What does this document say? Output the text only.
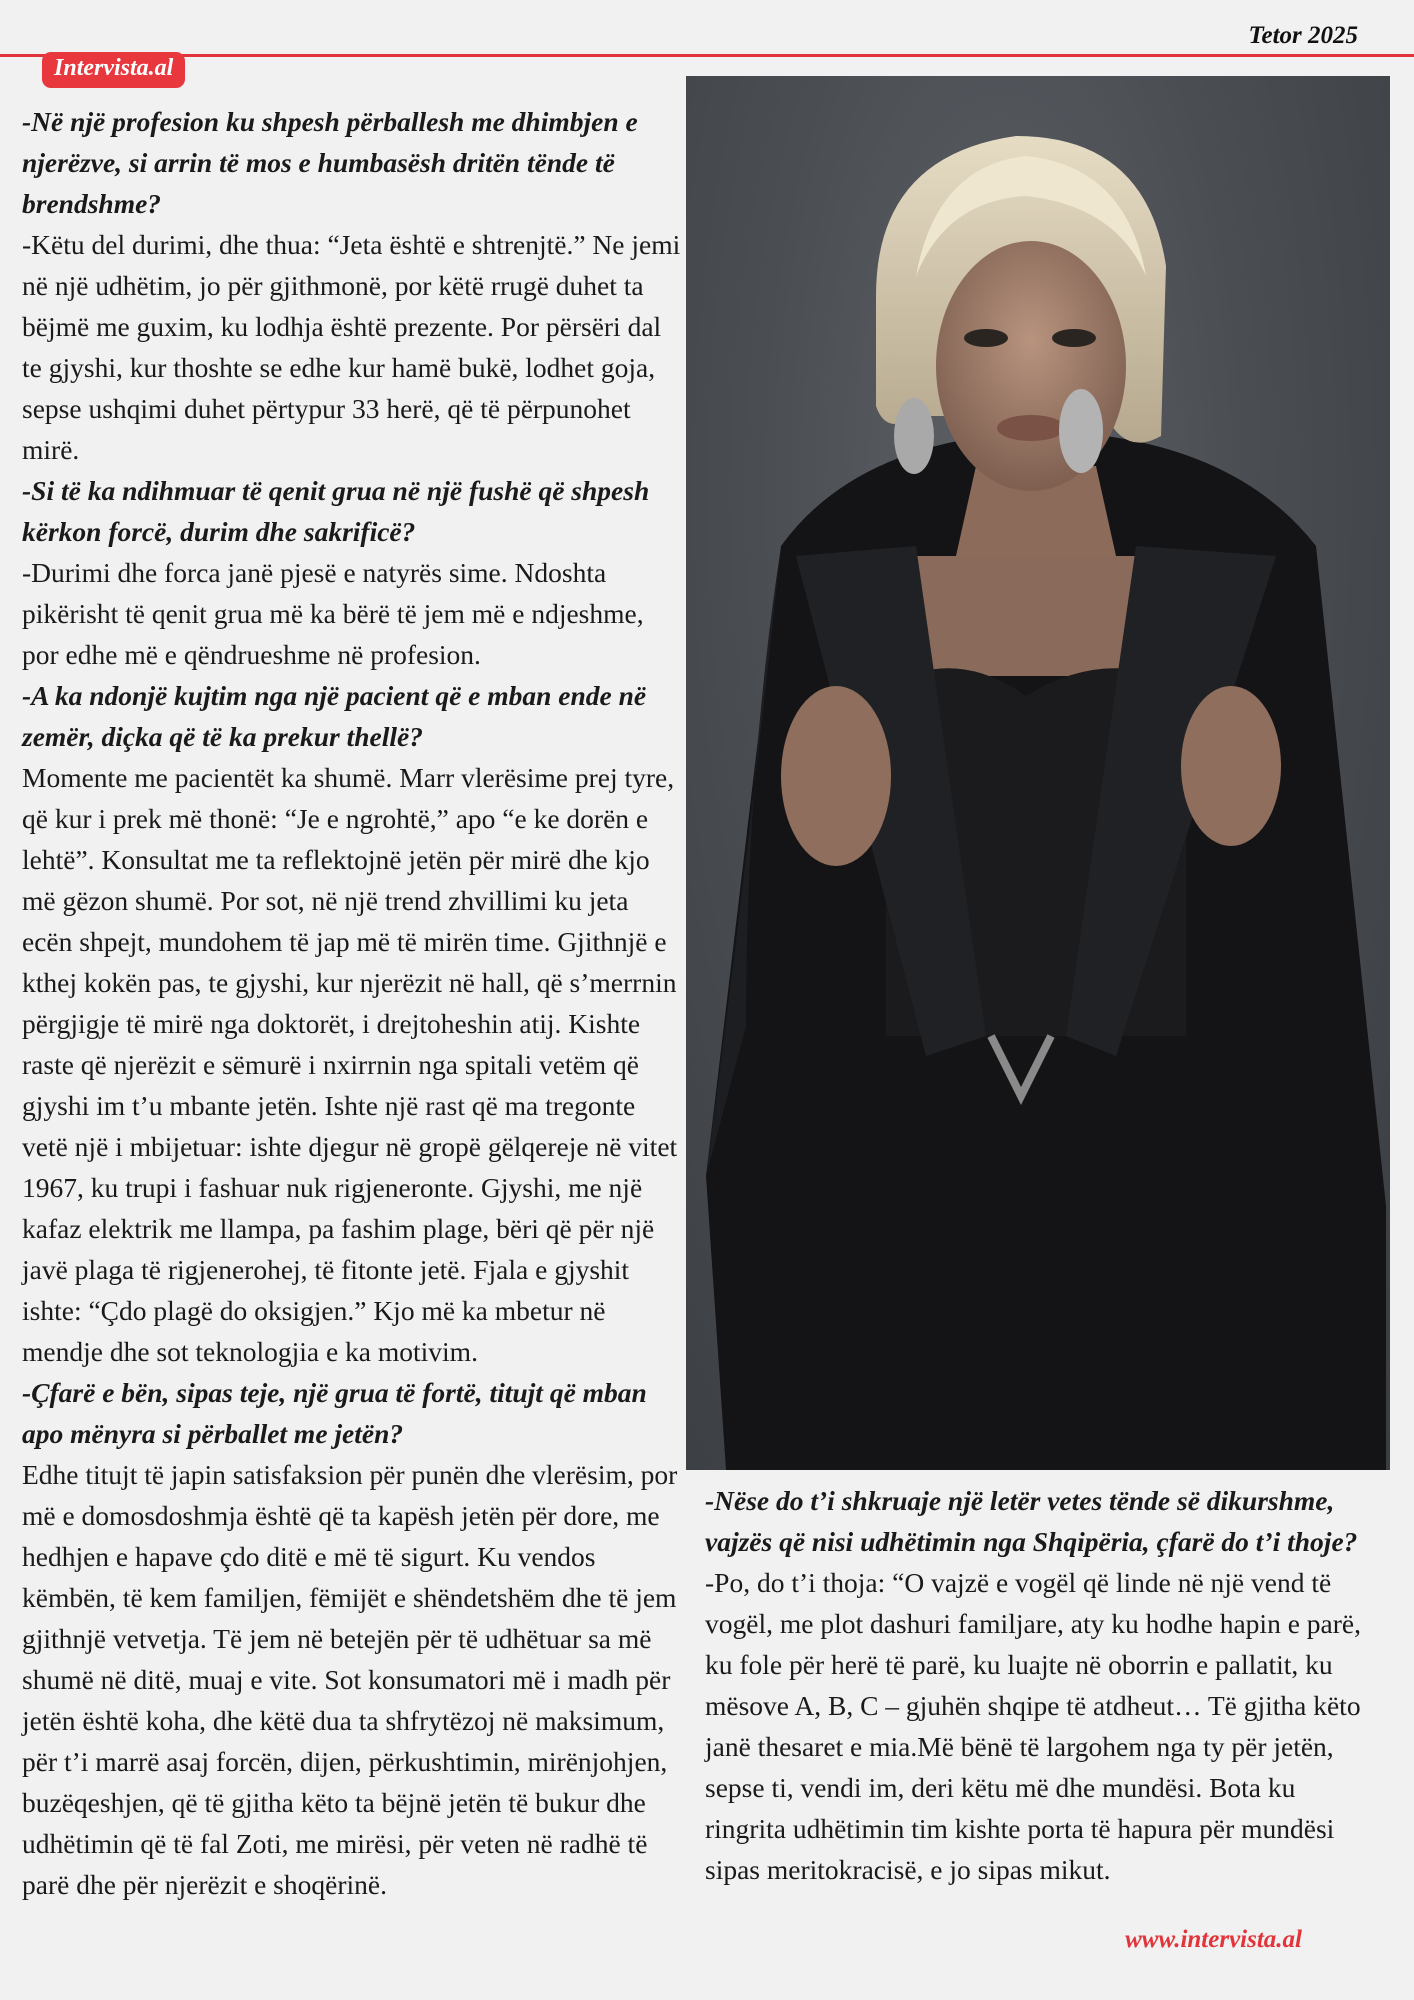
Tetor 2025
Intervista.al

-Në një profesion ku shpesh përballesh me dhimbjen e njerëzve, si arrin të mos e humbasësh dritën tënde të brendshme?

-Këtu del durimi, dhe thua: “Jeta është e shtrenjtë.” Ne jemi në një udhëtim, jo për gjithmonë, por këtë rrugë duhet ta bëjmë me guxim, ku lodhja është prezente. Por përsëri dal te gjyshi, kur thoshte se edhe kur hamë bukë, lodhet goja, sepse ushqimi duhet përtypur 33 herë, që të përpunohet mirë.

-Si të ka ndihmuar të qenit grua në një fushë që shpesh kërkon forcë, durim dhe sakrificë?

-Durimi dhe forca janë pjesë e natyrës sime. Ndoshta pikërisht të qenit grua më ka bërë të jem më e ndjeshme, por edhe më e qëndrueshme në profesion.

-A ka ndonjë kujtim nga një pacient që e mban ende në zemër, diçka që të ka prekur thellë?

Momente me pacientët ka shumë. Marr vlerësime prej tyre, që kur i prek më thonë: “Je e ngrohtë,” apo “e ke dorën e lehtë”. Konsultat me ta reflektojnë jetën për mirë dhe kjo më gëzon shumë. Por sot, në një trend zhvillimi ku jeta ecën shpejt, mundohem të jap më të mirën time. Gjithnjë e kthej kokën pas, te gjyshi, kur njerëzit në hall, që s’merrnin përgjigje të mirë nga doktorët, i drejtoheshin atij. Kishte raste që njerëzit e sëmurë i nxirrnin nga spitali vetëm që gjyshi im t’u mbante jetën. Ishte një rast që ma tregonte vetë një i mbijetuar: ishte djegur në gropë gëlqereje në vitet 1967, ku trupi i fashuar nuk rigjeneronte. Gjyshi, me një kafaz elektrik me llampa, pa fashim plage, bëri që për një javë plaga të rigjenerohej, të fitonte jetë. Fjala e gjyshit ishte: “Çdo plagë do oksigjen.” Kjo më ka mbetur në mendje dhe sot teknologjia e ka motivim.

-Çfarë e bën, sipas teje, një grua të fortë, titujt që mban apo mënyra si përballet me jetën?

Edhe titujt të japin satisfaksion për punën dhe vlerësim, por më e domosdoshmja është që ta kapësh jetën për dore, me hedhjen e hapave çdo ditë e më të sigurt. Ku vendos këmbën, të kem familjen, fëmijët e shëndetshëm dhe të jem gjithnjë vetvetja. Të jem në betejën për të udhëtuar sa më shumë në ditë, muaj e vite. Sot konsumatori më i madh për jetën është koha, dhe këtë dua ta shfrytëzoj në maksimum, për t’i marrë asaj forcën, dijen, përkushtimin, mirënjohjen, buzëqeshjen, që të gjitha këto ta bëjnë jetën të bukur dhe udhëtimin që të fal Zoti, me mirësi, për veten në radhë të parë dhe për njerëzit e shoqërinë.

-Nëse do t’i shkruaje një letër vetes tënde së dikurshme, vajzës që nisi udhëtimin nga Shqipëria, çfarë do t’i thoje?

-Po, do t’i thoja: “O vajzë e vogël që linde në një vend të vogël, me plot dashuri familjare, aty ku hodhe hapin e parë, ku fole për herë të parë, ku luajte në oborrin e pallatit, ku mësove A, B, C – gjuhën shqipe të atdheut… Të gjitha këto janë thesaret e mia.Më bënë të largohem nga ty për jetën, sepse ti, vendi im, deri këtu më dhe mundësi. Bota ku ringrita udhëtimin tim kishte porta të hapura për mundësi sipas meritokracisë, e jo sipas mikut.

www.intervista.al
